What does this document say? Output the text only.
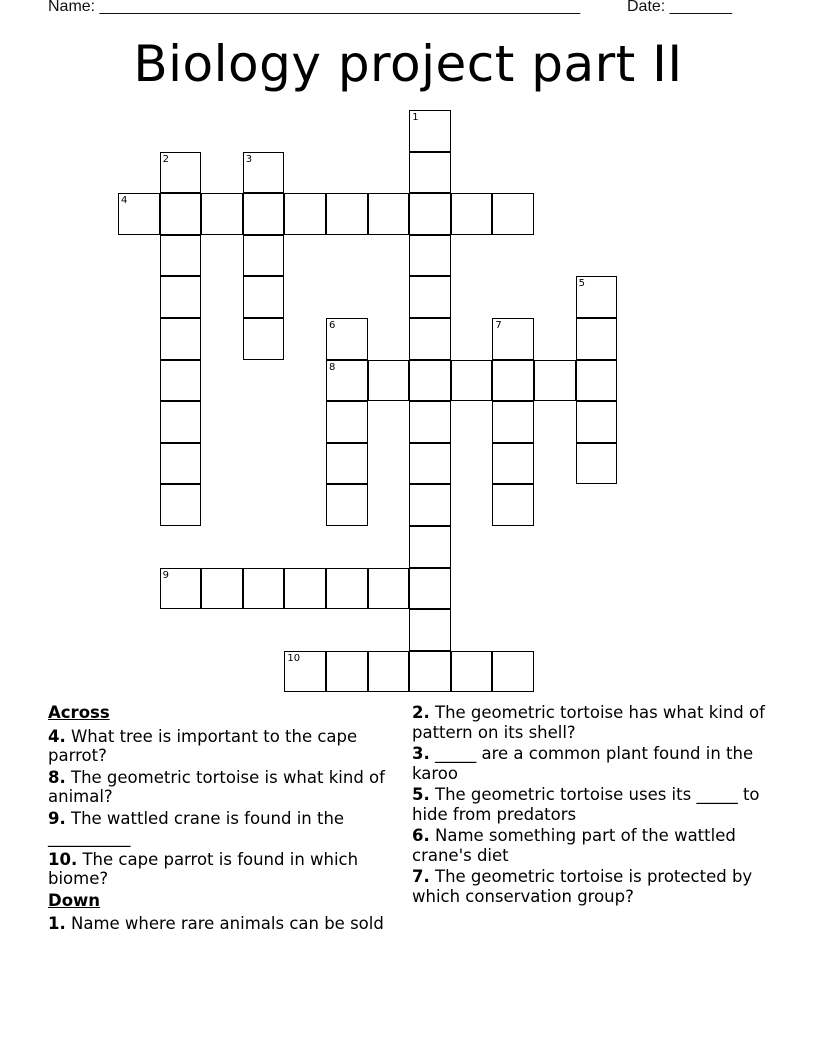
Name: ______________________________________________________	Date: _______
Biology project part II
1
2	3
4
5
6
8
7
9
10
Across
4. What tree is important to the cape parrot?
8. The geometric tortoise is what kind of animal?
9. The wattled crane is found in the __________
10. The cape parrot is found in which biome?
Down
1. Name where rare animals can be sold
2. The geometric tortoise has what kind of pattern on its shell?
3. _____ are a common plant found in the karoo
5. The geometric tortoise uses its _____ to hide from predators
6. Name something part of the wattled crane's diet
7. The geometric tortoise is protected by which conservation group?
